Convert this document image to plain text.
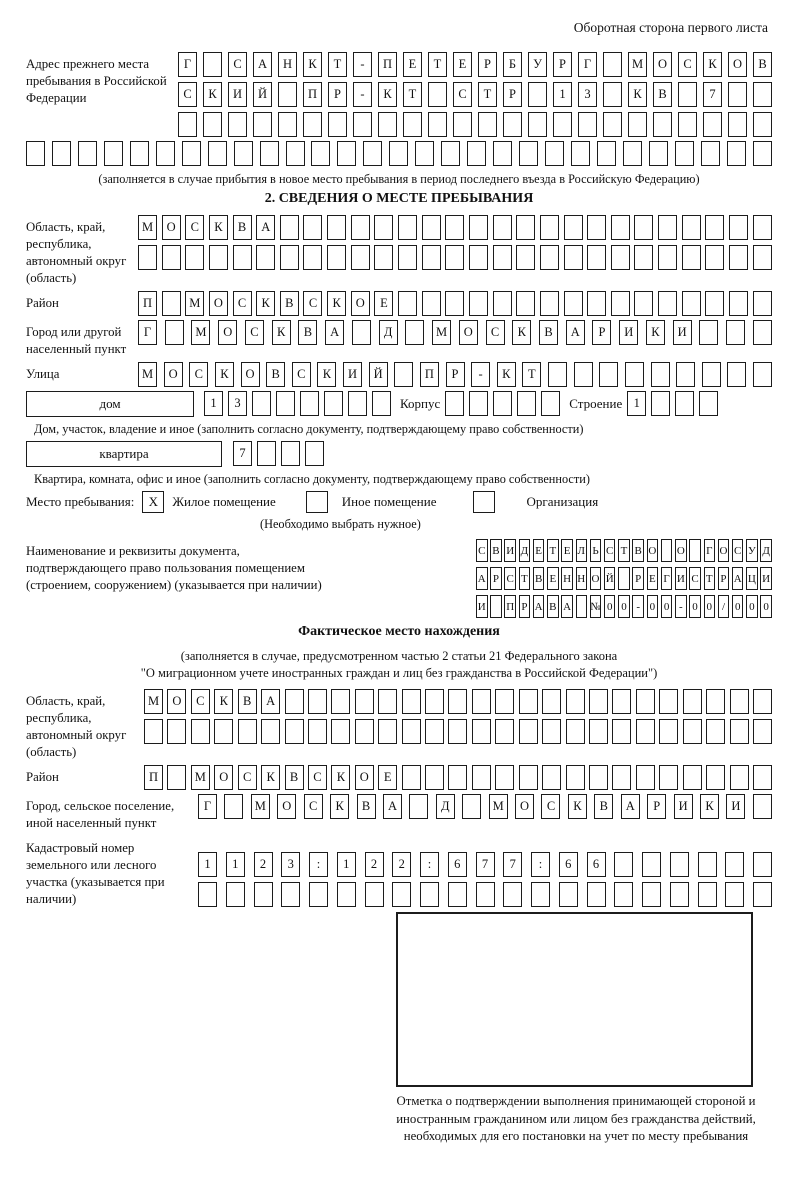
Оборотная сторона первого листа
Адрес прежнего места пребывания в Российской Федерации
Г	С	А	Н	К	Т	-	П	Е	Т	Е	Р	Б	У	Р	Г	М	О	С	К	О	В
С	К	И	Й	П	Р	-	К	Т	С	Т	Р	1	3	К	В	7
(заполняется в случае прибытия в новое место пребывания в период последнего въезда в Российскую Федерацию)
2. СВЕДЕНИЯ О МЕСТЕ ПРЕБЫВАНИЯ
Область, край, республика, автономный округ (область)
М	О	С	К	В	А
Район	П	М	О	С	К	В	С	К	О	Е
Город или другой населенный пункт
Г	М	О	С	К	В	А	Д	М	О	С	К	В	А	Р	И	К	И
Улица	М	О	С	К	О	В	С	К	И	Й	П	Р	-	К	Т
дом	1	3	Корпус	Строение 1
Дом, участок, владение и иное (заполнить согласно документу, подтверждающему право собственности)
квартира	7
Квартира, комната, офис и иное (заполнить согласно документу, подтверждающему право собственности)
Место пребывания:	X	Жилое помещение	Иное помещение	Организация
(Необходимо выбрать нужное)
Наименование и реквизиты документа, подтверждающего право пользования помещением (строением, сооружением) (указывается при наличии)
С В И Д Е Т Е Л Ь С Т В О О Г О С У Д
А Р С Т В Е Н Н О Й Р Е Г И С Т Р А Ц И
И П Р А В А № 0 0 - 0 0 - 0 0 / 0 0 0
Фактическое место нахождения
(заполняется в случае, предусмотренном частью 2 статьи 21 Федерального закона
"О миграционном учете иностранных граждан и лиц без гражданства в Российской Федерации")
Область, край, республика, автономный округ (область)
М	О	С	К	В	А
Район	П	М	О	С	К	В	С	К	О	Е
Город, сельское поселение, иной населенный пункт
Г	М	О	С	К	В	А	Д	М	О	С	К	В	А	Р	И	К	И
Кадастровый номер земельного или лесного участка (указывается при наличии)
1	1	2	3	:	1	2	2	:	6	7	7	:	6	6
Отметка о подтверждении выполнения принимающей стороной и иностранным гражданином или лицом без гражданства действий, необходимых для его постановки на учет по месту пребывания
